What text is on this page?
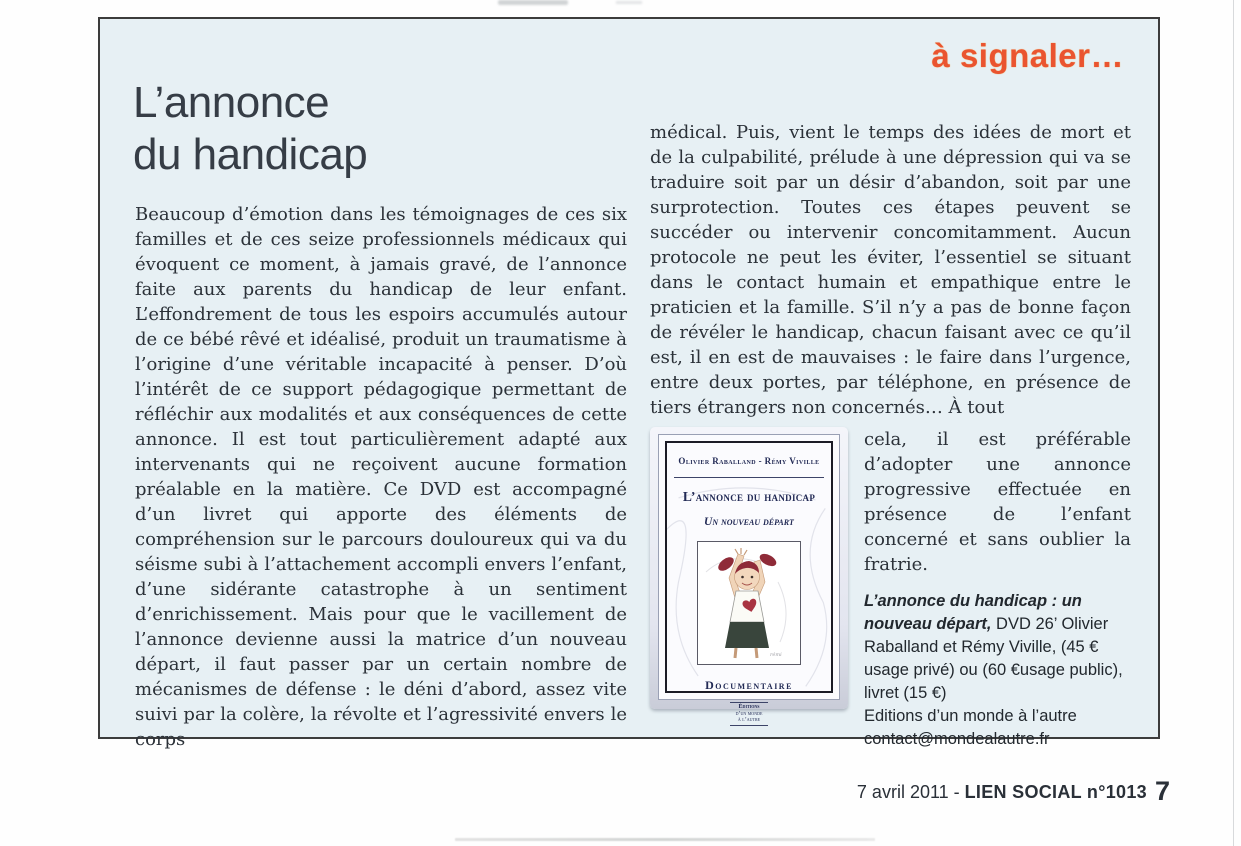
à signaler…
L’annonce
du handicap

Beaucoup d’émotion dans les témoignages de ces six familles et de ces seize professionnels médicaux qui évoquent ce moment, à jamais gravé, de l’annonce faite aux parents du handicap de leur enfant. L’effondrement de tous les espoirs accumulés autour de ce bébé rêvé et idéalisé, produit un traumatisme à l’origine d’une véritable incapacité à penser. D’où l’intérêt de ce support pédagogique permettant de réfléchir aux modalités et aux conséquences de cette annonce. Il est tout particulièrement adapté aux intervenants qui ne reçoivent aucune formation préalable en la matière. Ce DVD est accompagné d’un livret qui apporte des éléments de compréhension sur le parcours douloureux qui va du séisme subi à l’attachement accompli envers l’enfant, d’une sidérante catastrophe à un sentiment d’enrichissement. Mais pour que le vacillement de l’annonce devienne aussi la matrice d’un nouveau départ, il faut passer par un certain nombre de mécanismes de défense : le déni d’abord, assez vite suivi par la colère, la révolte et l’agressivité envers le corps

médical. Puis, vient le temps des idées de mort et de la culpabilité, prélude à une dépression qui va se traduire soit par un désir d’abandon, soit par une surprotection. Toutes ces étapes peuvent se succéder ou intervenir concomitamment. Aucun protocole ne peut les éviter, l’essentiel se situant dans le contact humain et empathique entre le praticien et la famille. S’il n’y a pas de bonne façon de révéler le handicap, chacun faisant avec ce qu’il est, il en est de mauvaises : le faire dans l’urgence, entre deux portes, par téléphone, en présence de tiers étrangers non concernés… À tout

Olivier Raballand - Rémy Viville
L’annonce du handicap
Un nouveau départ
rémi
Documentaire
Éditions
d’un monde
à l’autre

cela, il est préférable d’adopter une annonce progressive effectuée en présence de l’enfant concerné et sans oublier la fratrie.

L’annonce du handicap : un nouveau départ, DVD 26’ Olivier Raballand et Rémy Viville, (45 € usage privé) ou (60 €usage public), livret (15 €)
Editions d’un monde à l’autre
contact@mondealautre.fr

7 avril 2011 - LIEN SOCIAL n°1013 7
